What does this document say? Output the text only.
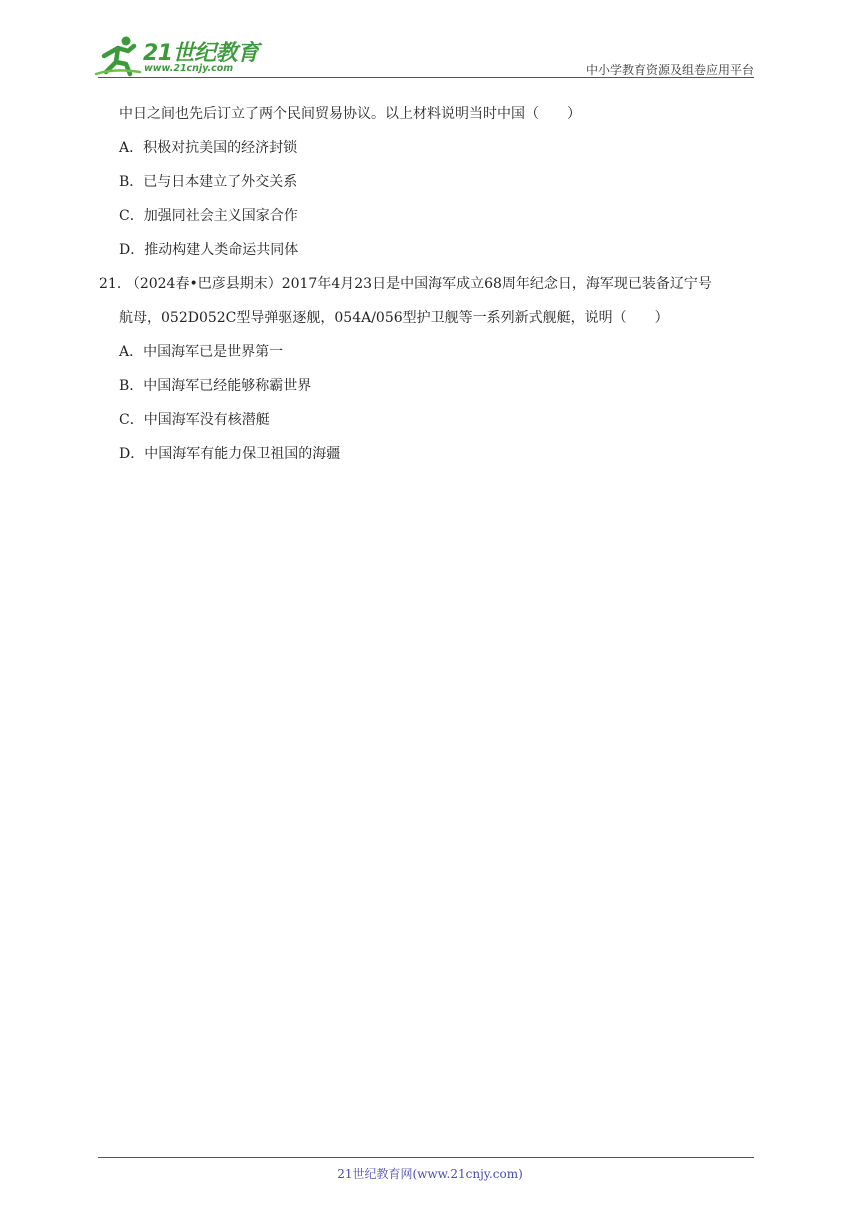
21世纪教育
www.21cnjy.com	中小学教育资源及组卷应用平台
中日之间也先后订立了两个民间贸易协议。以上材料说明当时中国（　　）
A．积极对抗美国的经济封锁
B．已与日本建立了外交关系
C．加强同社会主义国家合作
D．推动构建人类命运共同体
21． （2024春•巴彦县期末）2017年4月23日是中国海军成立68周年纪念日，海军现已装备辽宁号
航母，052D052C型导弹驱逐舰，054A/056型护卫舰等一系列新式舰艇，说明（　　）
A．中国海军已是世界第一
B．中国海军已经能够称霸世界
C．中国海军没有核潜艇
D．中国海军有能力保卫祖国的海疆
21世纪教育网(www.21cnjy.com)
